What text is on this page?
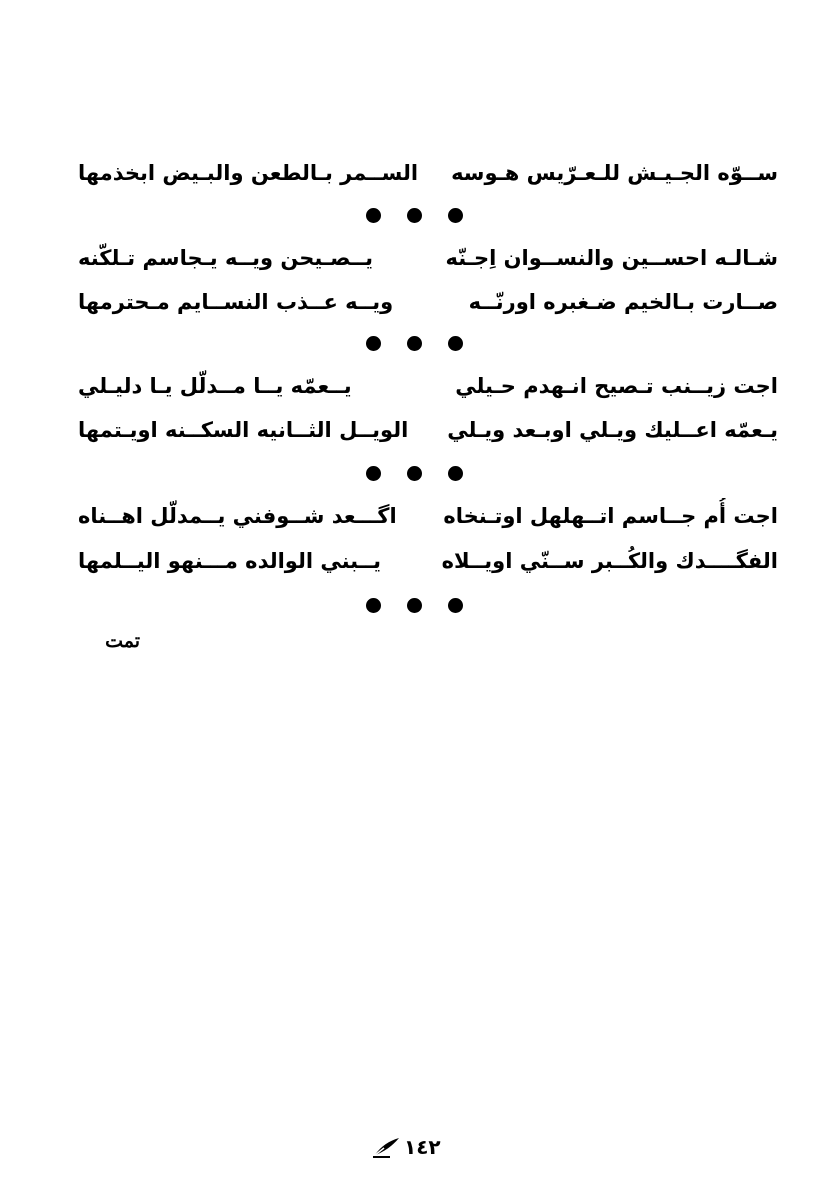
ســوّه الجـيـش للـعـرّيس هـوسه
الســمر بـالطعن والبـيض ابخذمها
شـالـه احســين والنســوان اِجـنّه
يــصـيحن ويــه يـجاسم تـلكّنه
صــارت بـالخيم ضـغبره اورنّــه
ويــه عــذب النســايم مـحترمها
اجت زيــنب تـصيح انـهدم حـيلي
يــعمّه يــا مــدلّل يـا دليـلي
يـعمّه اعــليك ويـلي اوبـعد ويـلي
الويــل الثــانيه السكــنه اويـتمها
اجت أُم جــاسم اتــهلهل اوتـنخاه
اگـــعد شــوفني يــمدلّل اهــناه
الفگــــدك والكُــبر ســنّي اويــلاه
يــبني الوالده مـــنهو اليــلمها
تمت
١٤٢
